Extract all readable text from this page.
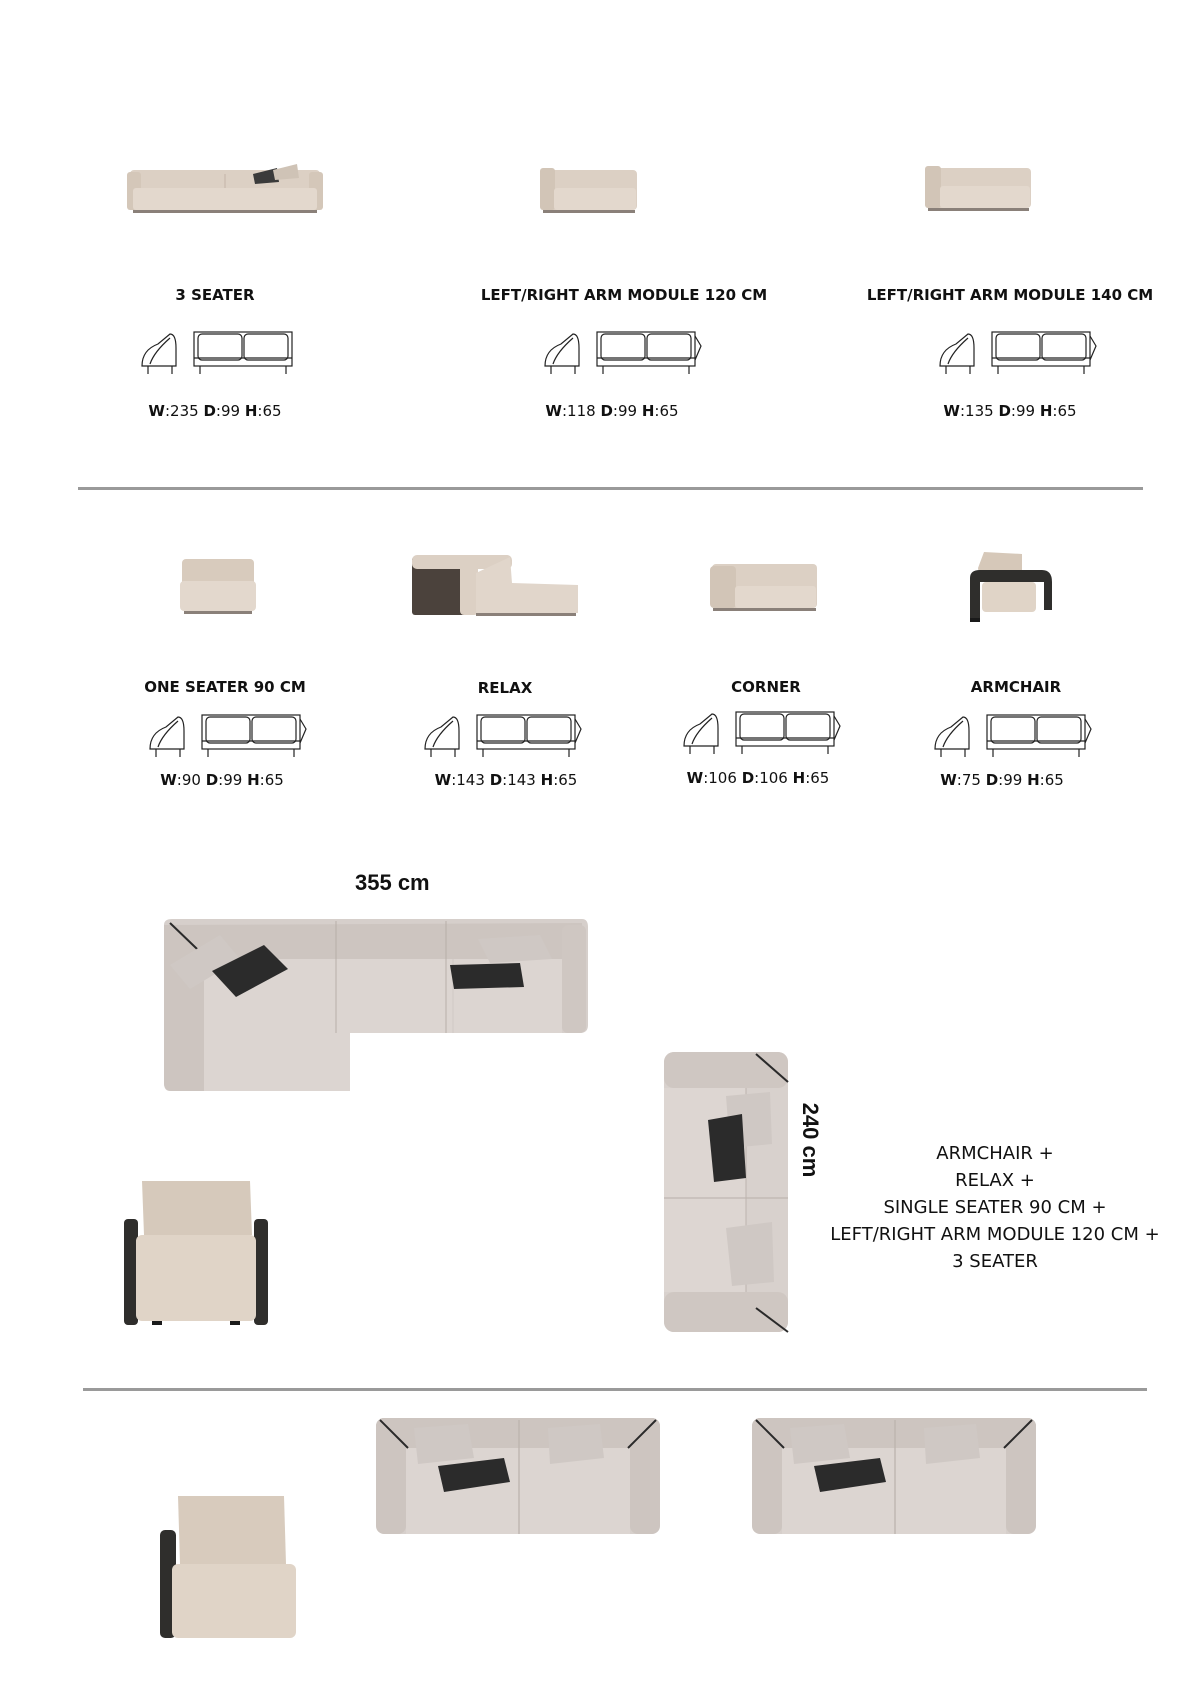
3 SEATER	LEFT/RIGHT ARM MODULE 120 CM	LEFT/RIGHT ARM MODULE 140 CM
W:235 D:99 H:65	W:118 D:99 H:65	W:135 D:99 H:65
ONE SEATER 90 CM	RELAX	CORNER	ARMCHAIR
W:90 D:99 H:65	W:143 D:143 H:65	W:106 D:106 H:65	W:75 D:99 H:65
355 cm
240 cm	ARMCHAIR +
RELAX +
SINGLE SEATER 90 CM +
LEFT/RIGHT ARM MODULE 120 CM +
3 SEATER
